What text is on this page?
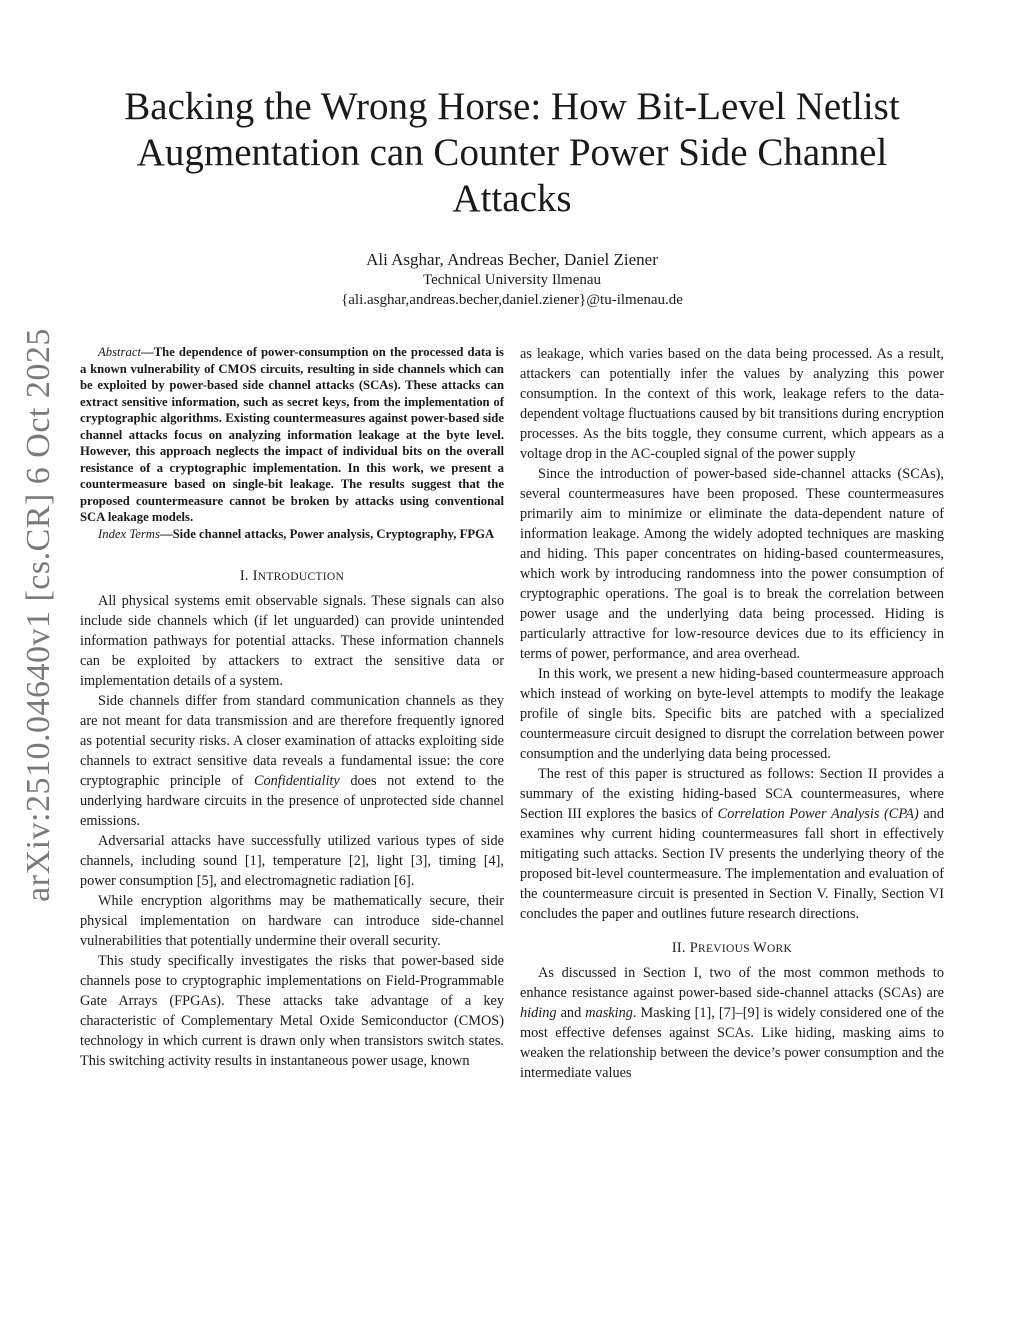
arXiv:2510.04640v1 [cs.CR] 6 Oct 2025
Backing the Wrong Horse: How Bit-Level Netlist Augmentation can Counter Power Side Channel Attacks

Ali Asghar, Andreas Becher, Daniel Ziener

Technical University Ilmenau

{ali.asghar,andreas.becher,daniel.ziener}@tu-ilmenau.de

Abstract—The dependence of power-consumption on the processed data is a known vulnerability of CMOS circuits, resulting in side channels which can be exploited by power-based side channel attacks (SCAs). These attacks can extract sensitive information, such as secret keys, from the implementation of cryptographic algorithms. Existing countermeasures against power-based side channel attacks focus on analyzing information leakage at the byte level. However, this approach neglects the impact of individual bits on the overall resistance of a cryptographic implementation. In this work, we present a countermeasure based on single-bit leakage. The results suggest that the proposed countermeasure cannot be broken by attacks using conventional SCA leakage models.

Index Terms—Side channel attacks, Power analysis, Cryptography, FPGA

I. INTRODUCTION

All physical systems emit observable signals. These signals can also include side channels which (if let unguarded) can provide unintended information pathways for potential attacks. These information channels can be exploited by attackers to extract the sensitive data or implementation details of a system.

Side channels differ from standard communication channels as they are not meant for data transmission and are therefore frequently ignored as potential security risks. A closer examination of attacks exploiting side channels to extract sensitive data reveals a fundamental issue: the core cryptographic principle of Confidentiality does not extend to the underlying hardware circuits in the presence of unprotected side channel emissions.

Adversarial attacks have successfully utilized various types of side channels, including sound [1], temperature [2], light [3], timing [4], power consumption [5], and electromagnetic radiation [6].

While encryption algorithms may be mathematically secure, their physical implementation on hardware can introduce side-channel vulnerabilities that potentially undermine their overall security.

This study specifically investigates the risks that power-based side channels pose to cryptographic implementations on Field-Programmable Gate Arrays (FPGAs). These attacks take advantage of a key characteristic of Complementary Metal Oxide Semiconductor (CMOS) technology in which current is drawn only when transistors switch states. This switching activity results in instantaneous power usage, known

as leakage, which varies based on the data being processed. As a result, attackers can potentially infer the values by analyzing this power consumption. In the context of this work, leakage refers to the data-dependent voltage fluctuations caused by bit transitions during encryption processes. As the bits toggle, they consume current, which appears as a voltage drop in the AC-coupled signal of the power supply

Since the introduction of power-based side-channel attacks (SCAs), several countermeasures have been proposed. These countermeasures primarily aim to minimize or eliminate the data-dependent nature of information leakage. Among the widely adopted techniques are masking and hiding. This paper concentrates on hiding-based countermeasures, which work by introducing randomness into the power consumption of cryptographic operations. The goal is to break the correlation between power usage and the underlying data being processed. Hiding is particularly attractive for low-resource devices due to its efficiency in terms of power, performance, and area overhead.

In this work, we present a new hiding-based countermeasure approach which instead of working on byte-level attempts to modify the leakage profile of single bits. Specific bits are patched with a specialized countermeasure circuit designed to disrupt the correlation between power consumption and the underlying data being processed.

The rest of this paper is structured as follows: Section II provides a summary of the existing hiding-based SCA countermeasures, where Section III explores the basics of Correlation Power Analysis (CPA) and examines why current hiding countermeasures fall short in effectively mitigating such attacks. Section IV presents the underlying theory of the proposed bit-level countermeasure. The implementation and evaluation of the countermeasure circuit is presented in Section V. Finally, Section VI concludes the paper and outlines future research directions.

II. PREVIOUS WORK

As discussed in Section I, two of the most common methods to enhance resistance against power-based side-channel attacks (SCAs) are hiding and masking. Masking [1], [7]–[9] is widely considered one of the most effective defenses against SCAs. Like hiding, masking aims to weaken the relationship between the device’s power consumption and the intermediate values
